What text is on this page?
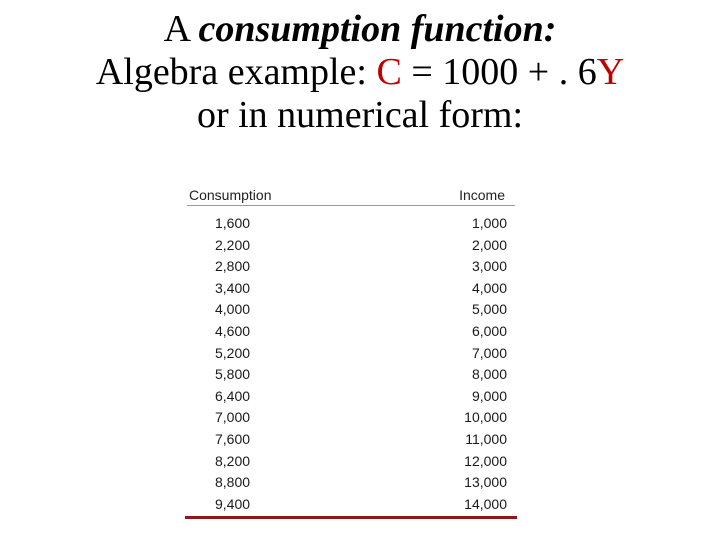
A consumption function:
Algebra example: C = 1000 + . 6Y
or in numerical form:
Consumption	Income
1,600	1,000
2,200	2,000
2,800	3,000
3,400	4,000
4,000	5,000
4,600	6,000
5,200	7,000
5,800	8,000
6,400	9,000
7,000	10,000
7,600	11,000
8,200	12,000
8,800	13,000
9,400	14,000
